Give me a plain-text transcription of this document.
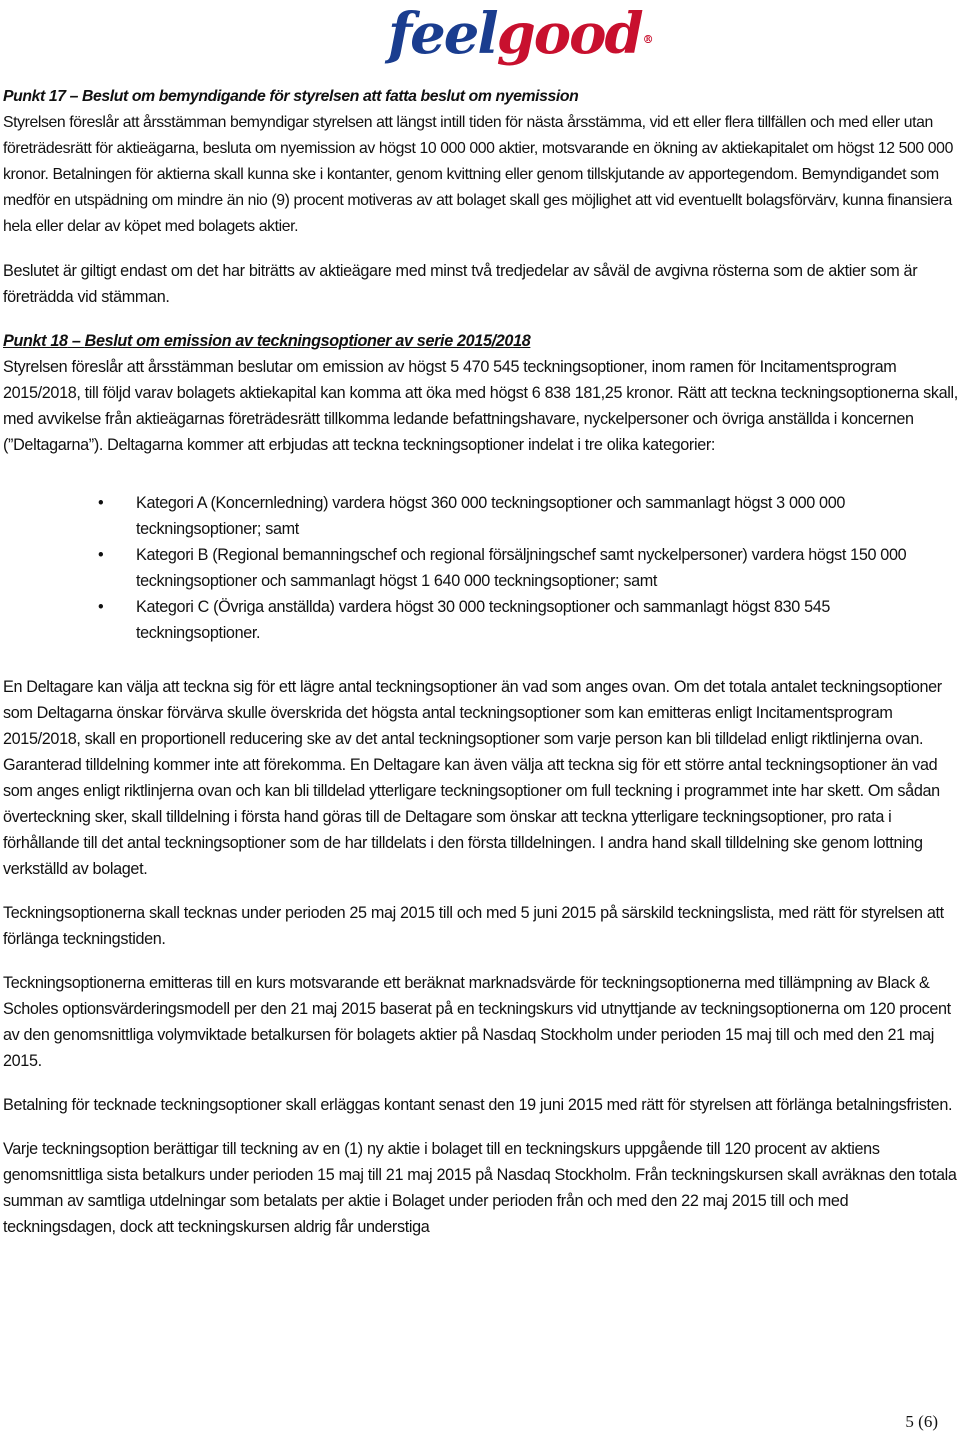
feelgood®

Punkt 17 – Beslut om bemyndigande för styrelsen att fatta beslut om nyemission
Styrelsen föreslår att årsstämman bemyndigar styrelsen att längst intill tiden för nästa årsstämma, vid ett eller flera tillfällen och med eller utan företrädesrätt för aktieägarna, besluta om nyemission av högst 10 000 000 aktier, motsvarande en ökning av aktiekapitalet om högst 12 500 000 kronor. Betalningen för aktierna skall kunna ske i kontanter, genom kvittning eller genom tillskjutande av apportegendom. Bemyndigandet som medför en utspädning om mindre än nio (9) procent motiveras av att bolaget skall ges möjlighet att vid eventuellt bolagsförvärv, kunna finansiera hela eller delar av köpet med bolagets aktier.

Beslutet är giltigt endast om det har biträtts av aktieägare med minst två tredjedelar av såväl de avgivna rösterna som de aktier som är företrädda vid stämman.

Punkt 18 – Beslut om emission av teckningsoptioner av serie 2015/2018
Styrelsen föreslår att årsstämman beslutar om emission av högst 5 470 545 teckningsoptioner, inom ramen för Incitamentsprogram 2015/2018, till följd varav bolagets aktiekapital kan komma att öka med högst 6 838 181,25 kronor. Rätt att teckna teckningsoptionerna skall, med avvikelse från aktieägarnas företrädesrätt tillkomma ledande befattningshavare, nyckelpersoner och övriga anställda i koncernen (”Deltagarna”). Deltagarna kommer att erbjudas att teckna teckningsoptioner indelat i tre olika kategorier:

• Kategori A (Koncernledning) vardera högst 360 000 teckningsoptioner och sammanlagt högst 3 000 000 teckningsoptioner; samt
• Kategori B (Regional bemanningschef och regional försäljningschef samt nyckelpersoner) vardera högst 150 000 teckningsoptioner och sammanlagt högst 1 640 000 teckningsoptioner; samt
• Kategori C (Övriga anställda) vardera högst 30 000 teckningsoptioner och sammanlagt högst 830 545 teckningsoptioner.

En Deltagare kan välja att teckna sig för ett lägre antal teckningsoptioner än vad som anges ovan. Om det totala antalet teckningsoptioner som Deltagarna önskar förvärva skulle överskrida det högsta antal teckningsoptioner som kan emitteras enligt Incitamentsprogram 2015/2018, skall en proportionell reducering ske av det antal teckningsoptioner som varje person kan bli tilldelad enligt riktlinjerna ovan. Garanterad tilldelning kommer inte att förekomma. En Deltagare kan även välja att teckna sig för ett större antal teckningsoptioner än vad som anges enligt riktlinjerna ovan och kan bli tilldelad ytterligare teckningsoptioner om full teckning i programmet inte har skett. Om sådan överteckning sker, skall tilldelning i första hand göras till de Deltagare som önskar att teckna ytterligare teckningsoptioner, pro rata i förhållande till det antal teckningsoptioner som de har tilldelats i den första tilldelningen. I andra hand skall tilldelning ske genom lottning verkställd av bolaget.

Teckningsoptionerna skall tecknas under perioden 25 maj 2015 till och med 5 juni 2015 på särskild teckningslista, med rätt för styrelsen att förlänga teckningstiden.

Teckningsoptionerna emitteras till en kurs motsvarande ett beräknat marknadsvärde för teckningsoptionerna med tillämpning av Black & Scholes optionsvärderingsmodell per den 21 maj 2015 baserat på en teckningskurs vid utnyttjande av teckningsoptionerna om 120 procent av den genomsnittliga volymviktade betalkursen för bolagets aktier på Nasdaq Stockholm under perioden 15 maj till och med den 21 maj 2015.

Betalning för tecknade teckningsoptioner skall erläggas kontant senast den 19 juni 2015 med rätt för styrelsen att förlänga betalningsfristen.

Varje teckningsoption berättigar till teckning av en (1) ny aktie i bolaget till en teckningskurs uppgående till 120 procent av aktiens genomsnittliga sista betalkurs under perioden 15 maj till 21 maj 2015 på Nasdaq Stockholm. Från teckningskursen skall avräknas den totala summan av samtliga utdelningar som betalats per aktie i Bolaget under perioden från och med den 22 maj 2015 till och med teckningsdagen, dock att teckningskursen aldrig får understiga

5 (6)
